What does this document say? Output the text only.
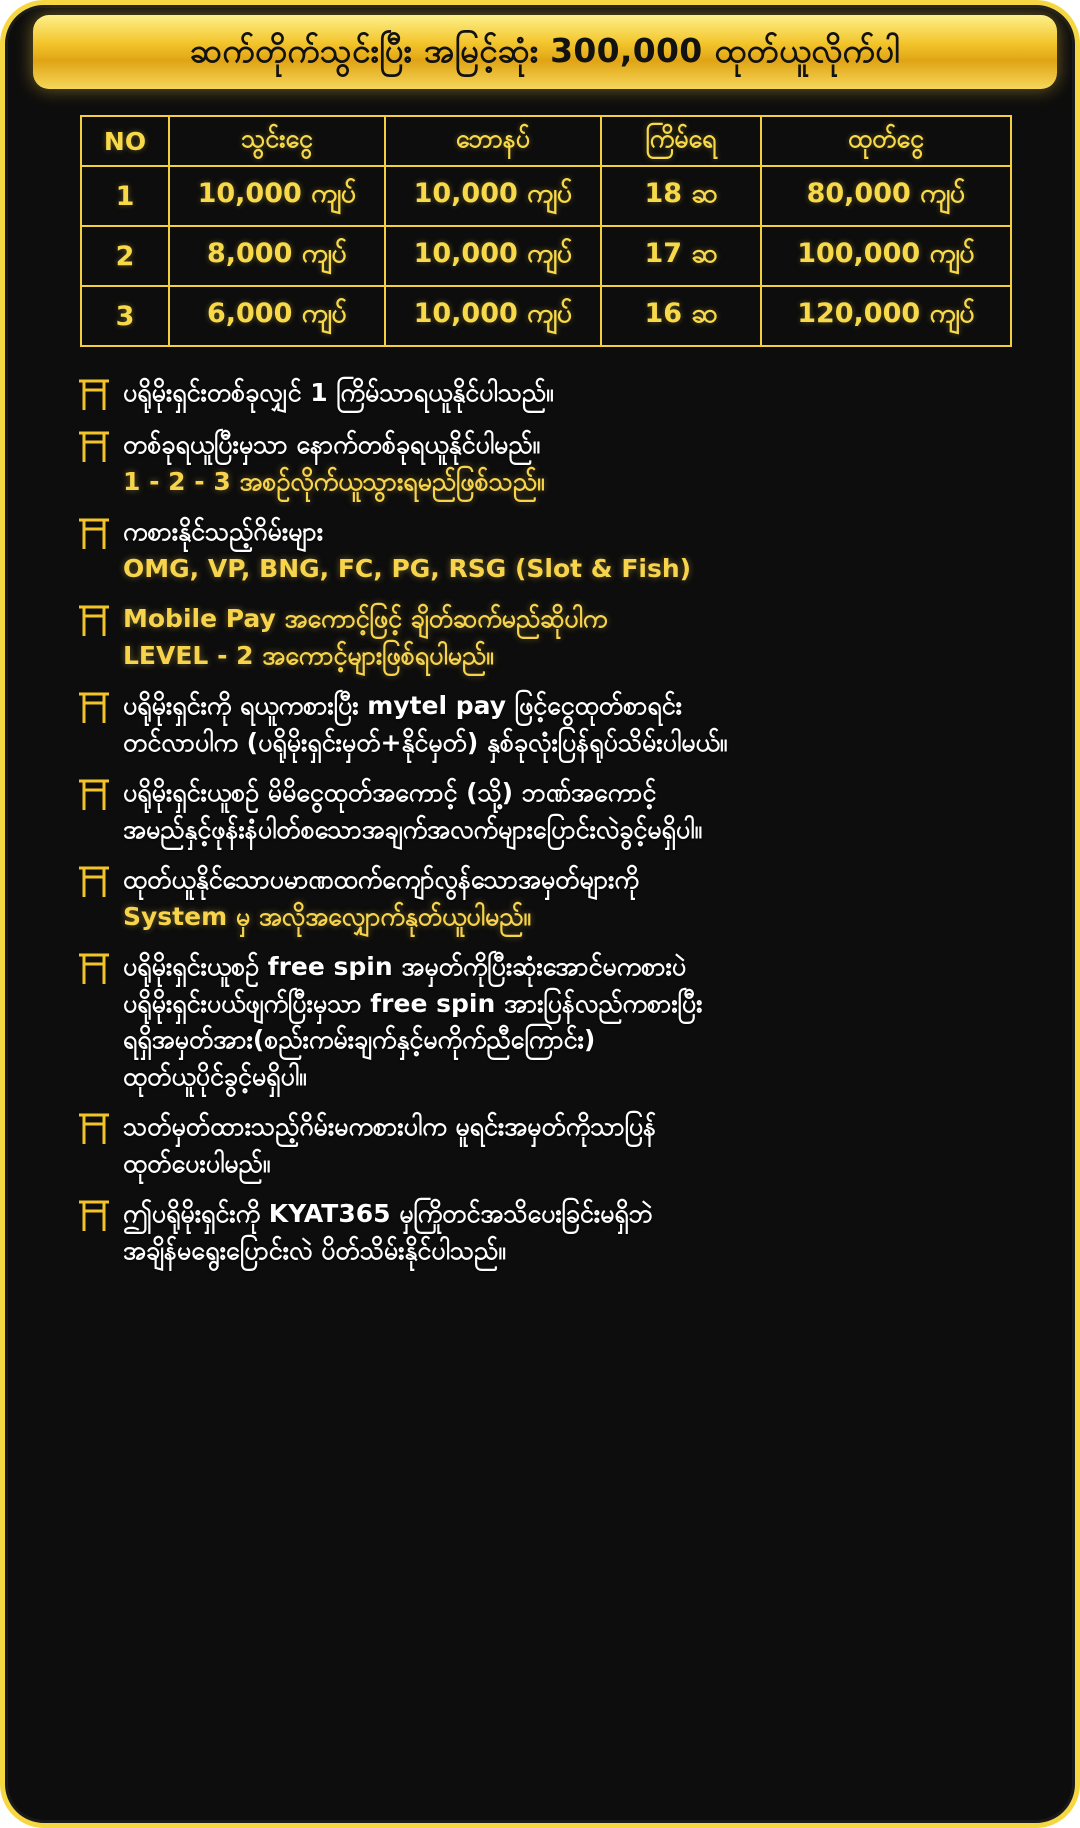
ဆက်တိုက်သွင်းပြီး အမြင့်ဆုံး 300,000 ထုတ်ယူလိုက်ပါ
NO	သွင်းငွေ	ဘောနပ်	ကြိမ်ရေ	ထုတ်ငွေ
1	10,000 ကျပ်	10,000 ကျပ်	18 ဆ	80,000 ကျပ်
2	8,000 ကျပ်	10,000 ကျပ်	17 ဆ	100,000 ကျပ်
3	6,000 ကျပ်	10,000 ကျပ်	16 ဆ	120,000 ကျပ်
ပရိုမိုးရှင်းတစ်ခုလျှင် 1 ကြိမ်သာရယူနိုင်ပါသည်။
တစ်ခုရယူပြီးမှသာ နောက်တစ်ခုရယူနိုင်ပါမည်။
1 - 2 - 3 အစဉ်လိုက်ယူသွားရမည်ဖြစ်သည်။
ကစားနိုင်သည့်ဂိမ်းများ
OMG, VP, BNG, FC, PG, RSG (Slot & Fish)
Mobile Pay အကောင့်ဖြင့် ချိတ်ဆက်မည်ဆိုပါက
LEVEL - 2 အကောင့်များဖြစ်ရပါမည်။
ပရိုမိုးရှင်းကို ရယူကစားပြီး mytel pay ဖြင့်ငွေထုတ်စာရင်း
တင်လာပါက (ပရိုမိုးရှင်းမှတ်+နိုင်မှတ်) နှစ်ခုလုံးပြန်ရုပ်သိမ်းပါမယ်။
ပရိုမိုးရှင်းယူစဉ် မိမိငွေထုတ်အကောင့် (သို့) ဘဏ်အကောင့်
အမည်နှင့်ဖုန်းနံပါတ်စသောအချက်အလက်များပြောင်းလဲခွင့်မရှိပါ။
ထုတ်ယူနိုင်သောပမာဏထက်ကျော်လွန်သောအမှတ်များကို
System မှ အလိုအလျှောက်နုတ်ယူပါမည်။
ပရိုမိုးရှင်းယူစဉ် free spin အမှတ်ကိုပြီးဆုံးအောင်မကစားပဲ
ပရိုမိုးရှင်းပယ်ဖျက်ပြီးမှသာ free spin အားပြန်လည်ကစားပြီး
ရရှိအမှတ်အား(စည်းကမ်းချက်နှင့်မကိုက်ညီကြောင်း)
ထုတ်ယူပိုင်ခွင့်မရှိပါ။
သတ်မှတ်ထားသည့်ဂိမ်းမကစားပါက မူရင်းအမှတ်ကိုသာပြန်
ထုတ်ပေးပါမည်။
ဤပရိုမိုးရှင်းကို KYAT365 မှကြိုတင်အသိပေးခြင်းမရှိဘဲ
အချိန်မရွေးပြောင်းလဲ ပိတ်သိမ်းနိုင်ပါသည်။
